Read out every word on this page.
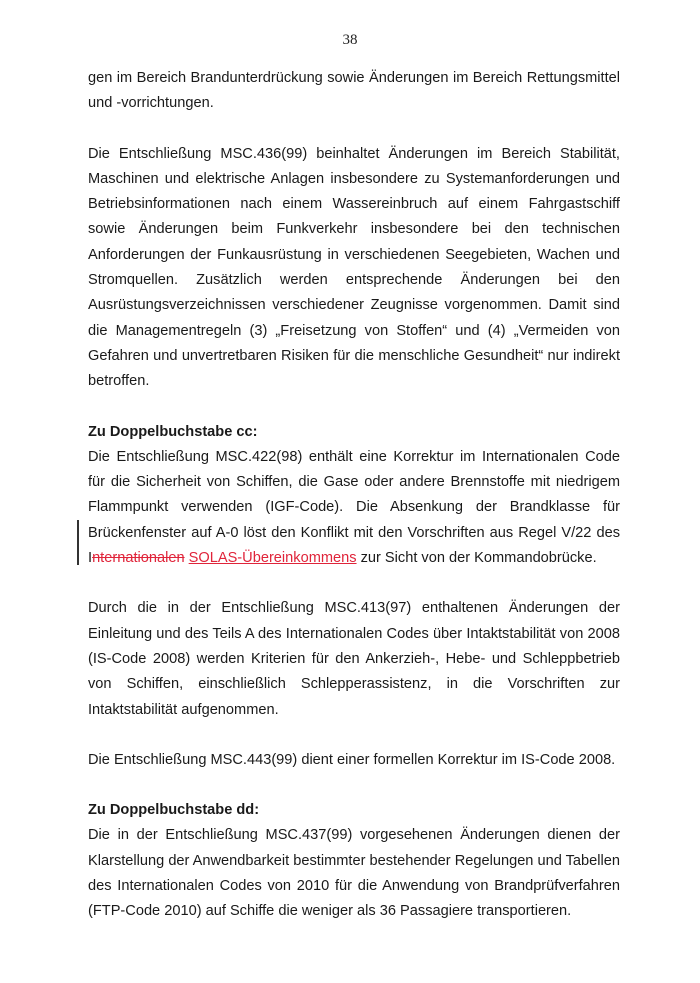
38

gen im Bereich Brandunterdrückung sowie Änderungen im Bereich Rettungsmittel und -vorrichtungen.

Die Entschließung MSC.436(99) beinhaltet Änderungen im Bereich Stabilität, Maschinen und elektrische Anlagen insbesondere zu Systemanforderungen und Betriebsinformationen nach einem Wassereinbruch auf einem Fahrgastschiff sowie Änderungen beim Funkverkehr insbesondere bei den technischen Anforderungen der Funkausrüstung in verschiedenen Seegebieten, Wachen und Stromquellen. Zusätzlich werden entsprechende Änderungen bei den Ausrüstungsverzeichnissen verschiedener Zeugnisse vorgenommen. Damit sind die Managementregeln (3) „Freisetzung von Stoffen“ und (4) „Vermeiden von Gefahren und unvertretbaren Risiken für die menschliche Gesundheit“ nur indirekt betroffen.

Zu Doppelbuchstabe cc:

Die Entschließung MSC.422(98) enthält eine Korrektur im Internationalen Code für die Sicherheit von Schiffen, die Gase oder andere Brennstoffe mit niedrigem Flammpunkt verwenden (IGF-Code). Die Absenkung der Brandklasse für Brückenfenster auf A-0 löst den Konflikt mit den Vorschriften aus Regel V/22 des Internationalen SOLAS-Übereinkommens zur Sicht von der Kommandobrücke.

Durch die in der Entschließung MSC.413(97) enthaltenen Änderungen der Einleitung und des Teils A des Internationalen Codes über Intaktstabilität von 2008 (IS-Code 2008) werden Kriterien für den Ankerzieh-, Hebe- und Schleppbetrieb von Schiffen, einschließlich Schlepperassistenz, in die Vorschriften zur Intaktstabilität aufgenommen.

Die Entschließung MSC.443(99) dient einer formellen Korrektur im IS-Code 2008.

Zu Doppelbuchstabe dd:

Die in der Entschließung MSC.437(99) vorgesehenen Änderungen dienen der Klarstellung der Anwendbarkeit bestimmter bestehender Regelungen und Tabellen des Internationalen Codes von 2010 für die Anwendung von Brandprüfverfahren (FTP-Code 2010) auf Schiffe die weniger als 36 Passagiere transportieren.
